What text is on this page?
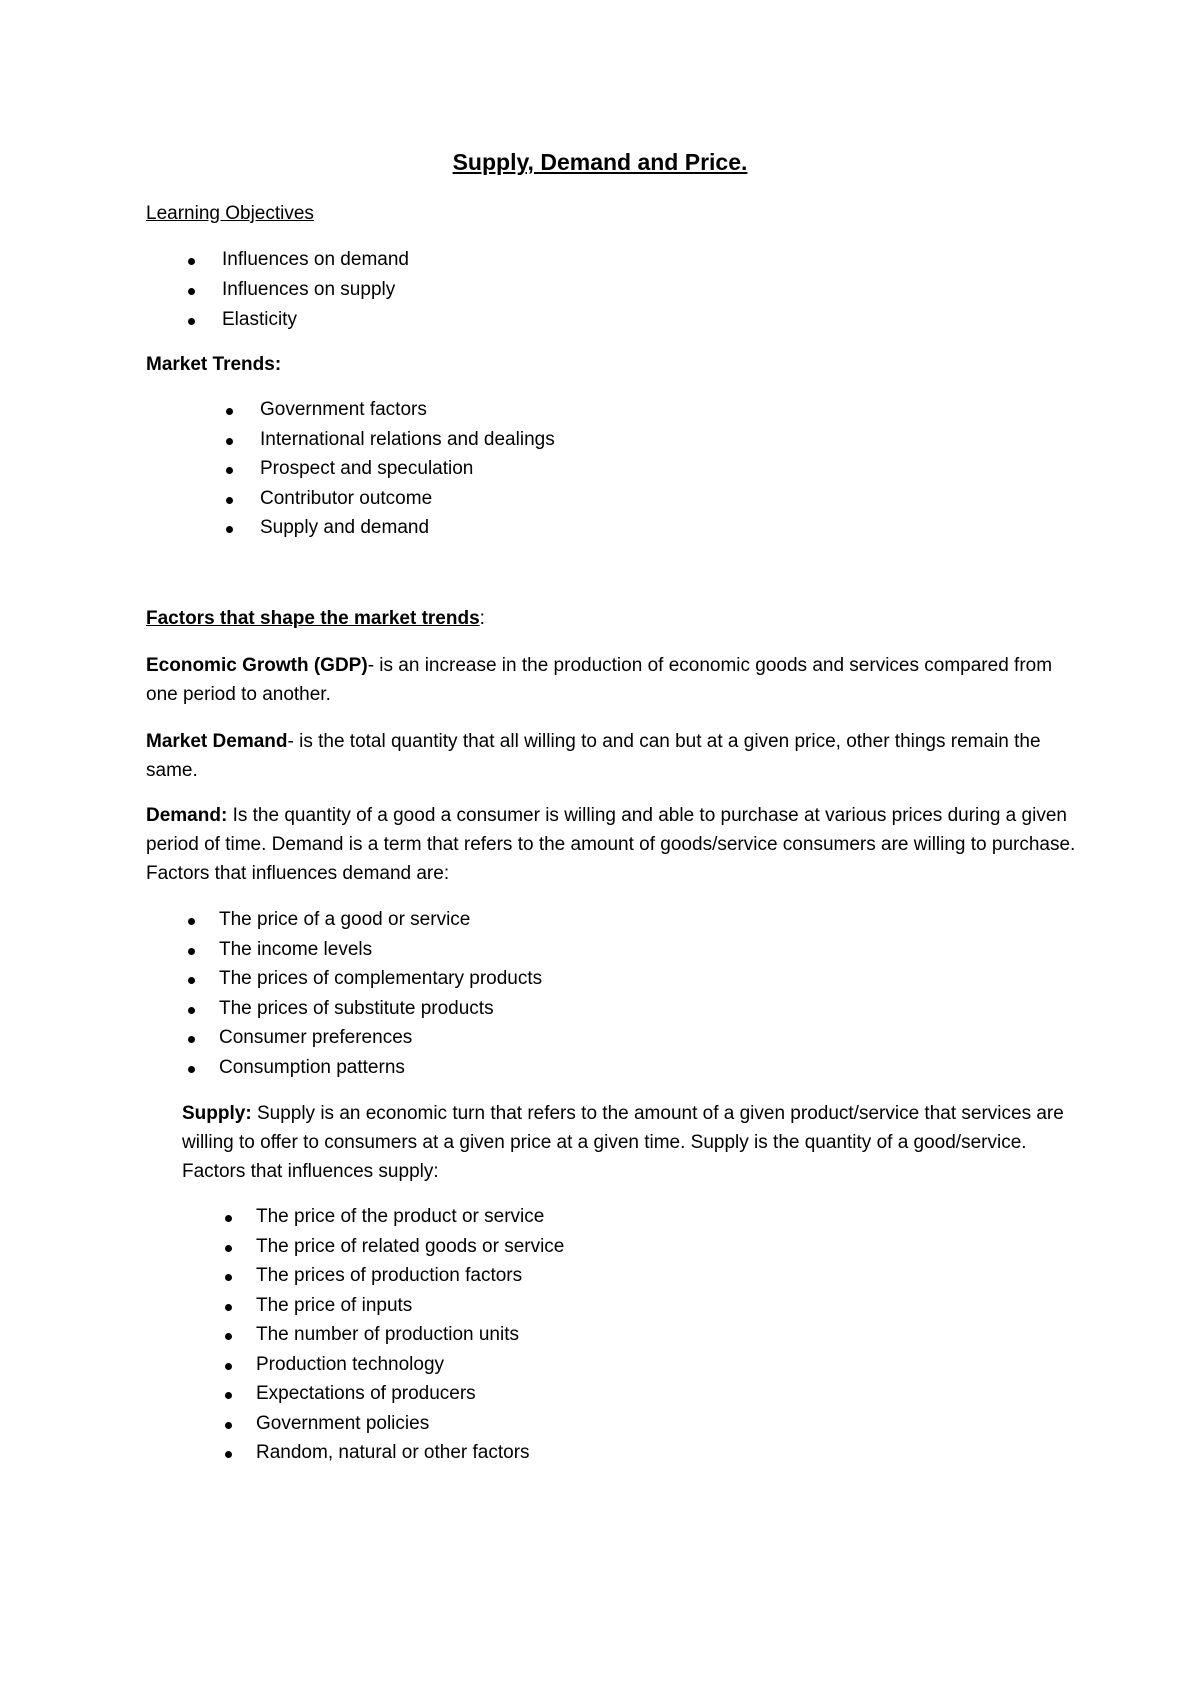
Supply, Demand and Price.

Learning Objectives

Influences on demand
Influences on supply
Elasticity

Market Trends:

Government factors
International relations and dealings
Prospect and speculation
Contributor outcome
Supply and demand

Factors that shape the market trends:

Economic Growth (GDP)- is an increase in the production of economic goods and services compared from one period to another.

Market Demand- is the total quantity that all willing to and can but at a given price, other things remain the same.

Demand: Is the quantity of a good a consumer is willing and able to purchase at various prices during a given period of time. Demand is a term that refers to the amount of goods/service consumers are willing to purchase. Factors that influences demand are:

The price of a good or service
The income levels
The prices of complementary products
The prices of substitute products
Consumer preferences
Consumption patterns

Supply: Supply is an economic turn that refers to the amount of a given product/service that services are willing to offer to consumers at a given price at a given time. Supply is the quantity of a good/service. Factors that influences supply:

The price of the product or service
The price of related goods or service
The prices of production factors
The price of inputs
The number of production units
Production technology
Expectations of producers
Government policies
Random, natural or other factors
